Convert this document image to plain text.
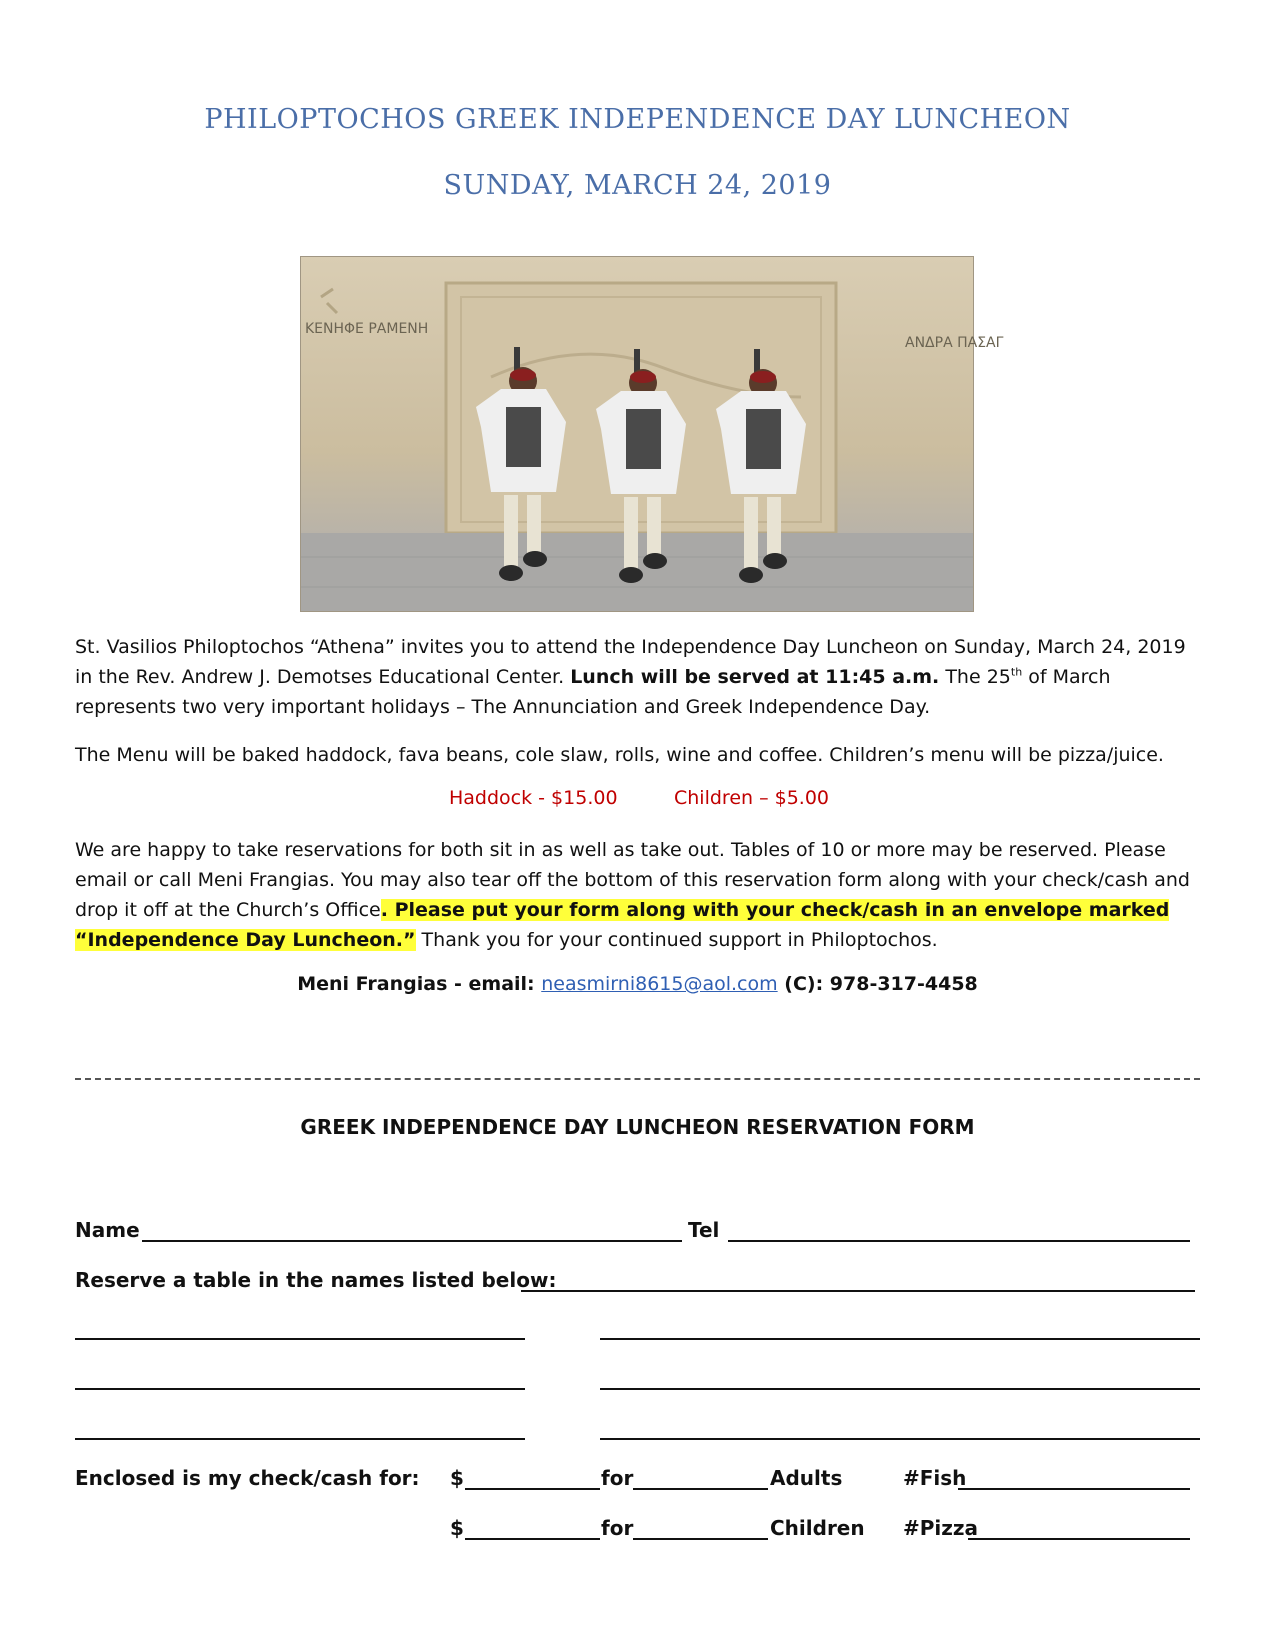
PHILOPTOCHOS GREEK INDEPENDENCE DAY LUNCHEON
SUNDAY, MARCH 24, 2019
ΚΕΝΗΦΕ ΡΑΜΕΝΗ
ΑΝΔΡΑ ΠΑΣΑΓ
St. Vasilios Philoptochos “Athena” invites you to attend the Independence Day Luncheon on Sunday, March 24, 2019 in the Rev. Andrew J. Demotses Educational Center. Lunch will be served at 11:45 a.m. The 25th of March represents two very important holidays – The Annunciation and Greek Independence Day.
The Menu will be baked haddock, fava beans, cole slaw, rolls, wine and coffee. Children’s menu will be pizza/juice.
Haddock - $15.00	Children – $5.00
We are happy to take reservations for both sit in as well as take out. Tables of 10 or more may be reserved. Please email or call Meni Frangias. You may also tear off the bottom of this reservation form along with your check/cash and drop it off at the Church’s Office. Please put your form along with your check/cash in an envelope marked “Independence Day Luncheon.” Thank you for your continued support in Philoptochos.
Meni Frangias - email: neasmirni8615@aol.com (C): 978-317-4458
GREEK INDEPENDENCE DAY LUNCHEON RESERVATION FORM
Name	Tel
Reserve a table in the names listed below:
Enclosed is my check/cash for: $	for	Adults	#Fish
$	for	Children #Pizza
